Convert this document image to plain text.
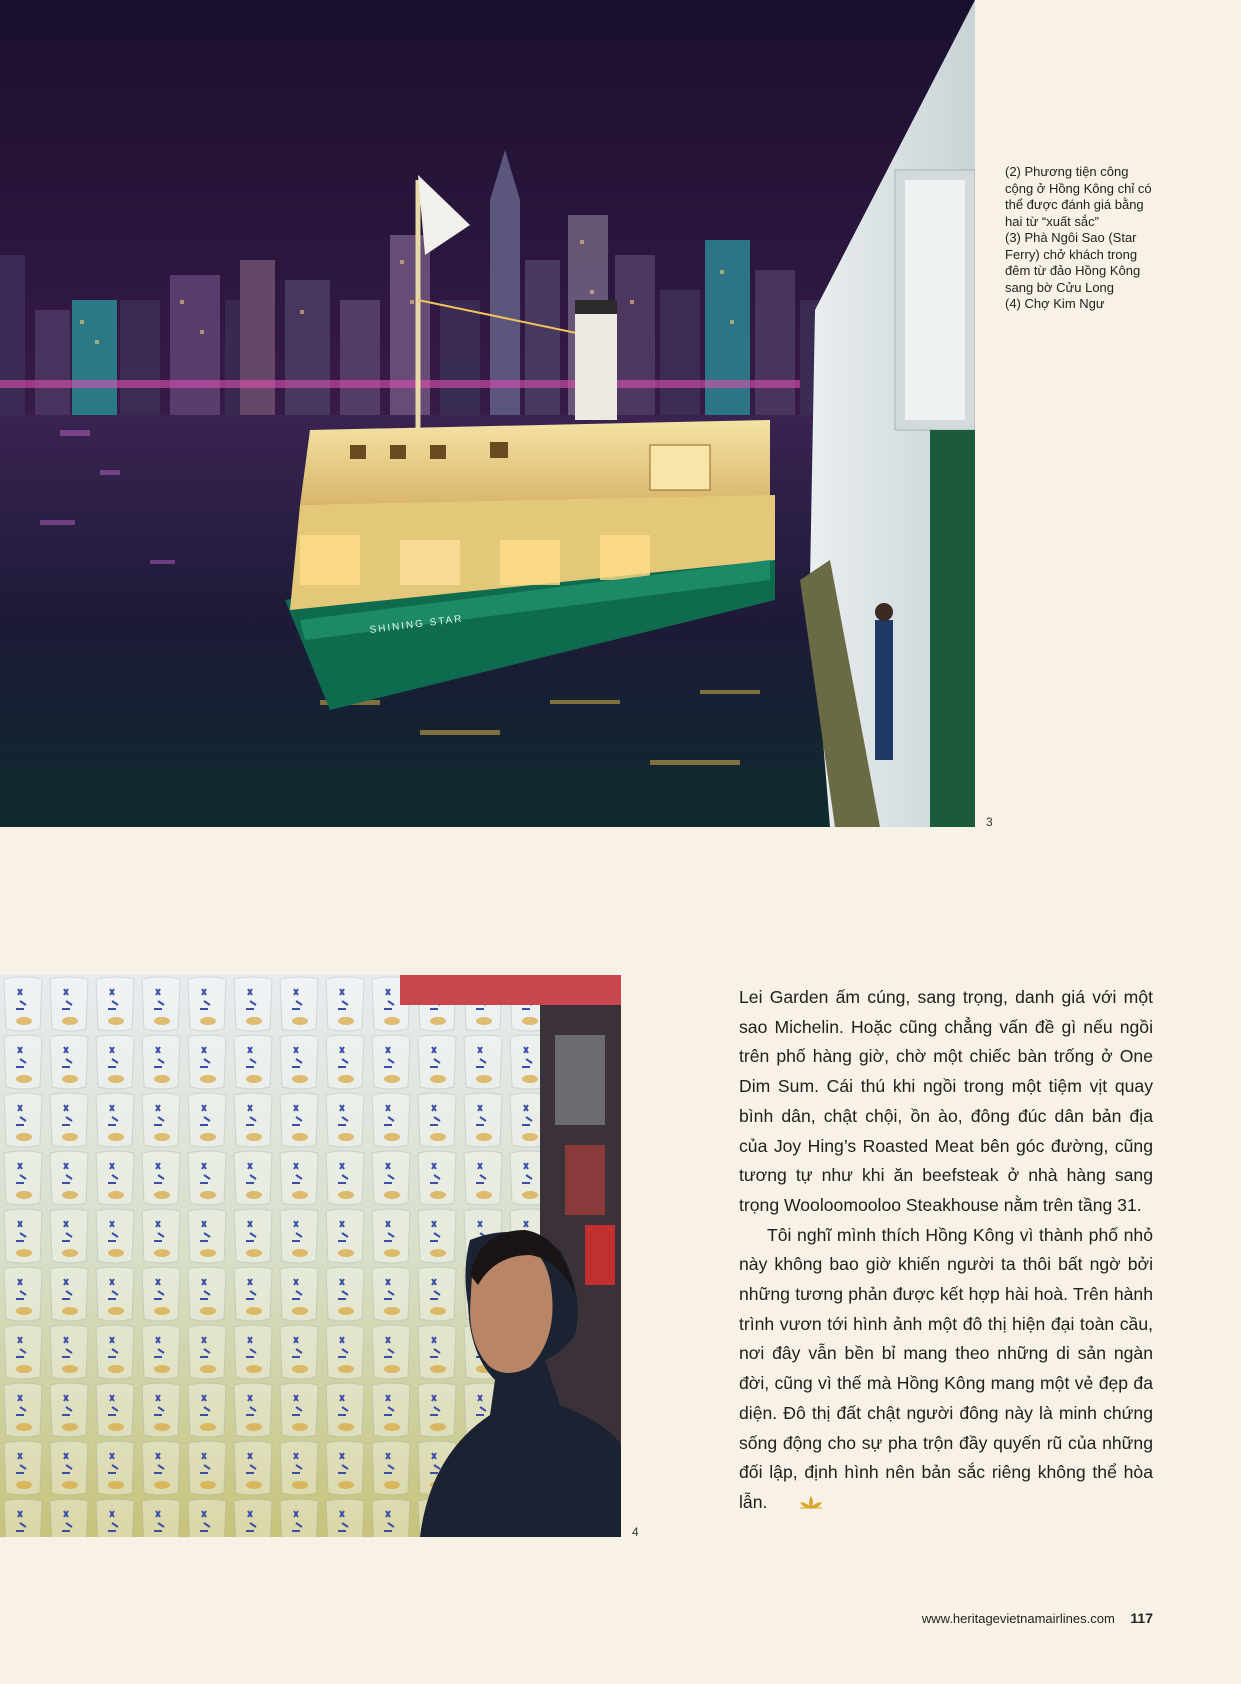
SHINING STAR

(2) Phương tiện công cộng ở Hồng Kông chỉ có thể được đánh giá bằng hai từ “xuất sắc”

(3) Phà Ngôi Sao (Star Ferry) chở khách trong đêm từ đảo Hồng Kông sang bờ Cửu Long

(4) Chợ Kim Ngư

3
4

Lei Garden ấm cúng, sang trọng, danh giá với một sao Michelin. Hoặc cũng chẳng vấn đề gì nếu ngồi trên phố hàng giờ, chờ một chiếc bàn trống ở One Dim Sum. Cái thú khi ngồi trong một tiệm vịt quay bình dân, chật chội, ồn ào, đông đúc dân bản địa của Joy Hing’s Roasted Meat bên góc đường, cũng tương tự như khi ăn beefsteak ở nhà hàng sang trọng Wooloomooloo Steakhouse nằm trên tầng 31.

Tôi nghĩ mình thích Hồng Kông vì thành phố nhỏ này không bao giờ khiến người ta thôi bất ngờ bởi những tương phản được kết hợp hài hoà. Trên hành trình vươn tới hình ảnh một đô thị hiện đại toàn cầu, nơi đây vẫn bền bỉ mang theo những di sản ngàn đời, cũng vì thế mà Hồng Kông mang một vẻ đẹp đa diện. Đô thị đất chật người đông này là minh chứng sống động cho sự pha trộn đầy quyến rũ của những đối lập, định hình nên bản sắc riêng không thể hòa lẫn.

www.heritagevietnamairlines.com 117
